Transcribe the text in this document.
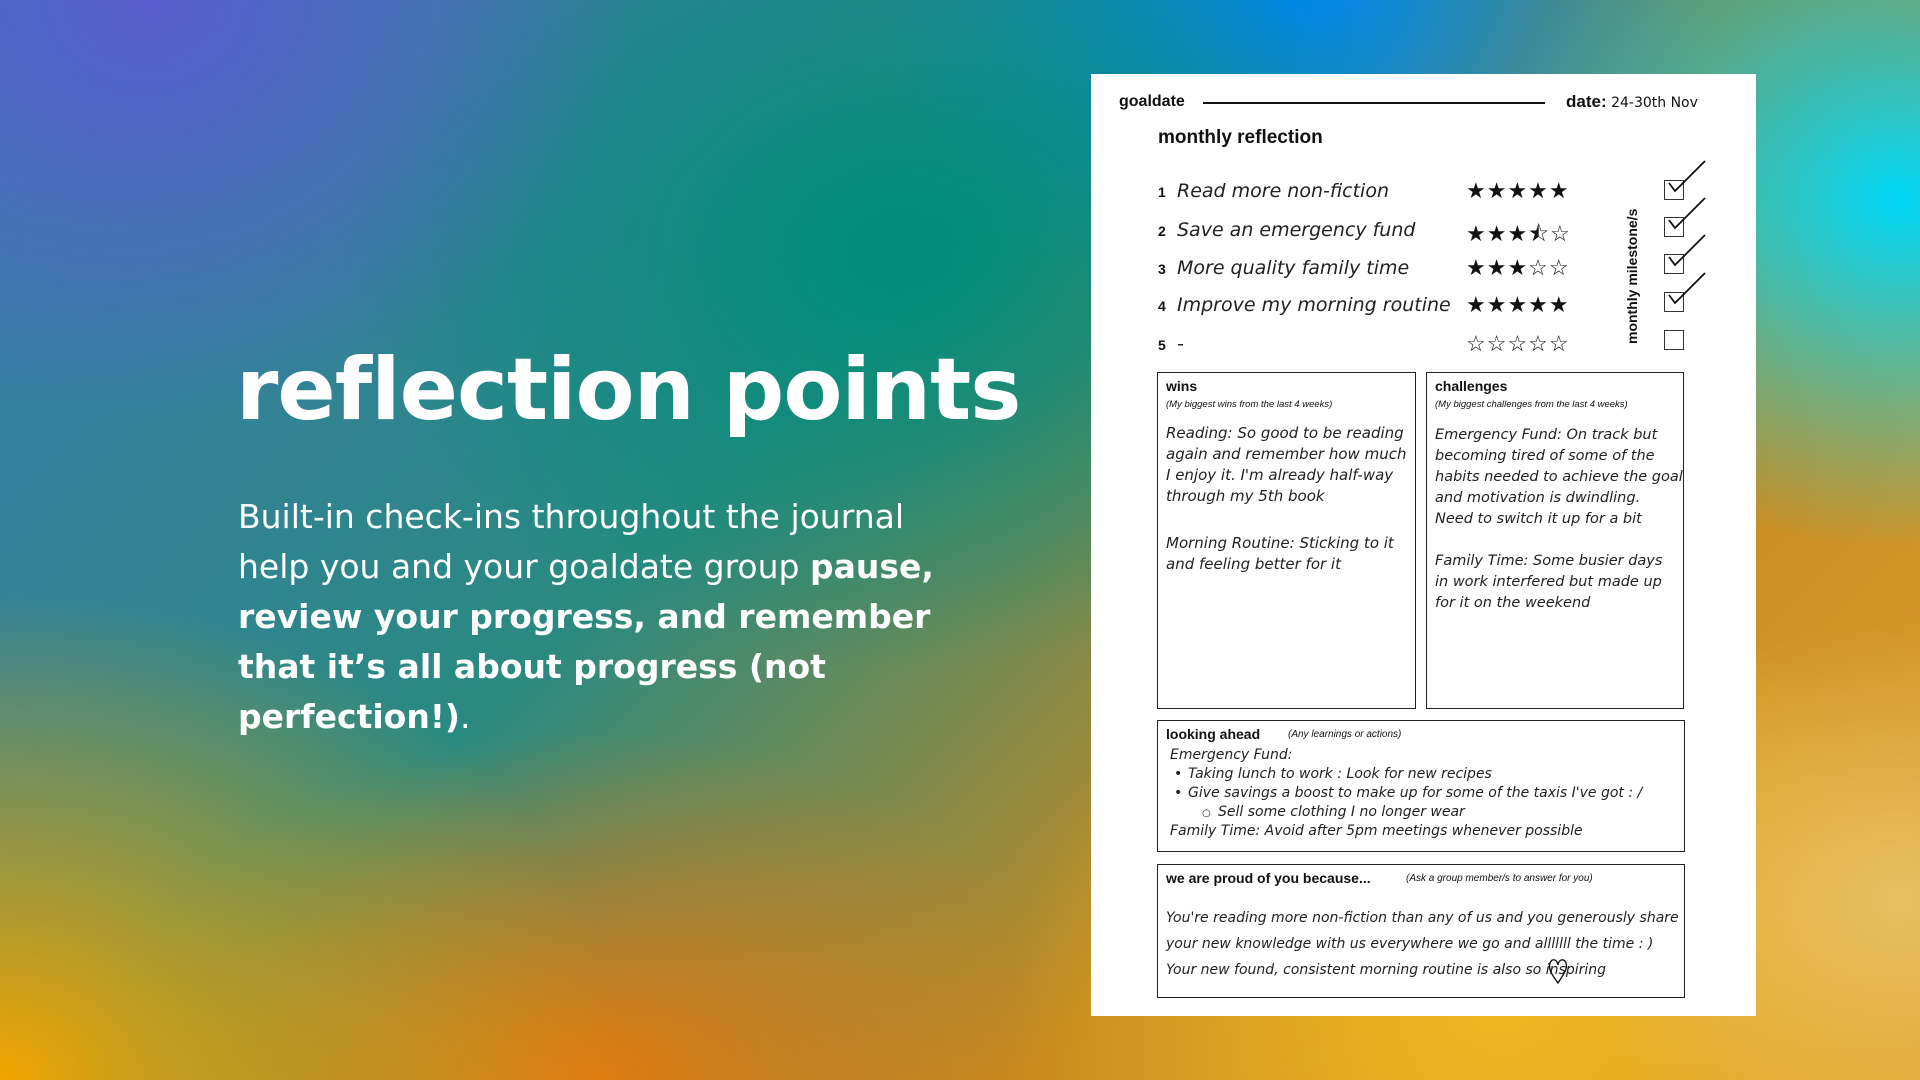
reflection points
Built-in check-ins throughout the journal help you and your goaldate group pause, review your progress, and remember that it’s all about progress (not perfection!).
goaldate	date: 24-30th Nov
monthly reflection
1 Read more non-fiction	★★★★★
2 Save an emergency fund ★★★⯪☆
3 More quality family time	★★★☆☆
4 Improve my morning routine ★★★★★
5 -	☆☆☆☆☆	monthly milestone/s
wins
(My biggest wins from the last 4 weeks)
Reading: So good to be reading
again and remember how much
I enjoy it. I'm already half-way
through my 5th book
Morning Routine: Sticking to it
and feeling better for it
challenges
(My biggest challenges from the last 4 weeks)
Emergency Fund: On track but
becoming tired of some of the
habits needed to achieve the goal
and motivation is dwindling.
Need to switch it up for a bit
Family Time: Some busier days
in work interfered but made up
for it on the weekend
looking ahead	(Any learnings or actions)
Emergency Fund:
• Taking lunch to work : Look for new recipes
• Give savings a boost to make up for some of the taxis I've got : /
○ Sell some clothing I no longer wear
Family Time: Avoid after 5pm meetings whenever possible
we are proud of you because...	(Ask a group member/s to answer for you)
You're reading more non-fiction than any of us and you generously share
your new knowledge with us everywhere we go and alllllll the time : )
Your new found, consistent morning routine is also so inspiring
